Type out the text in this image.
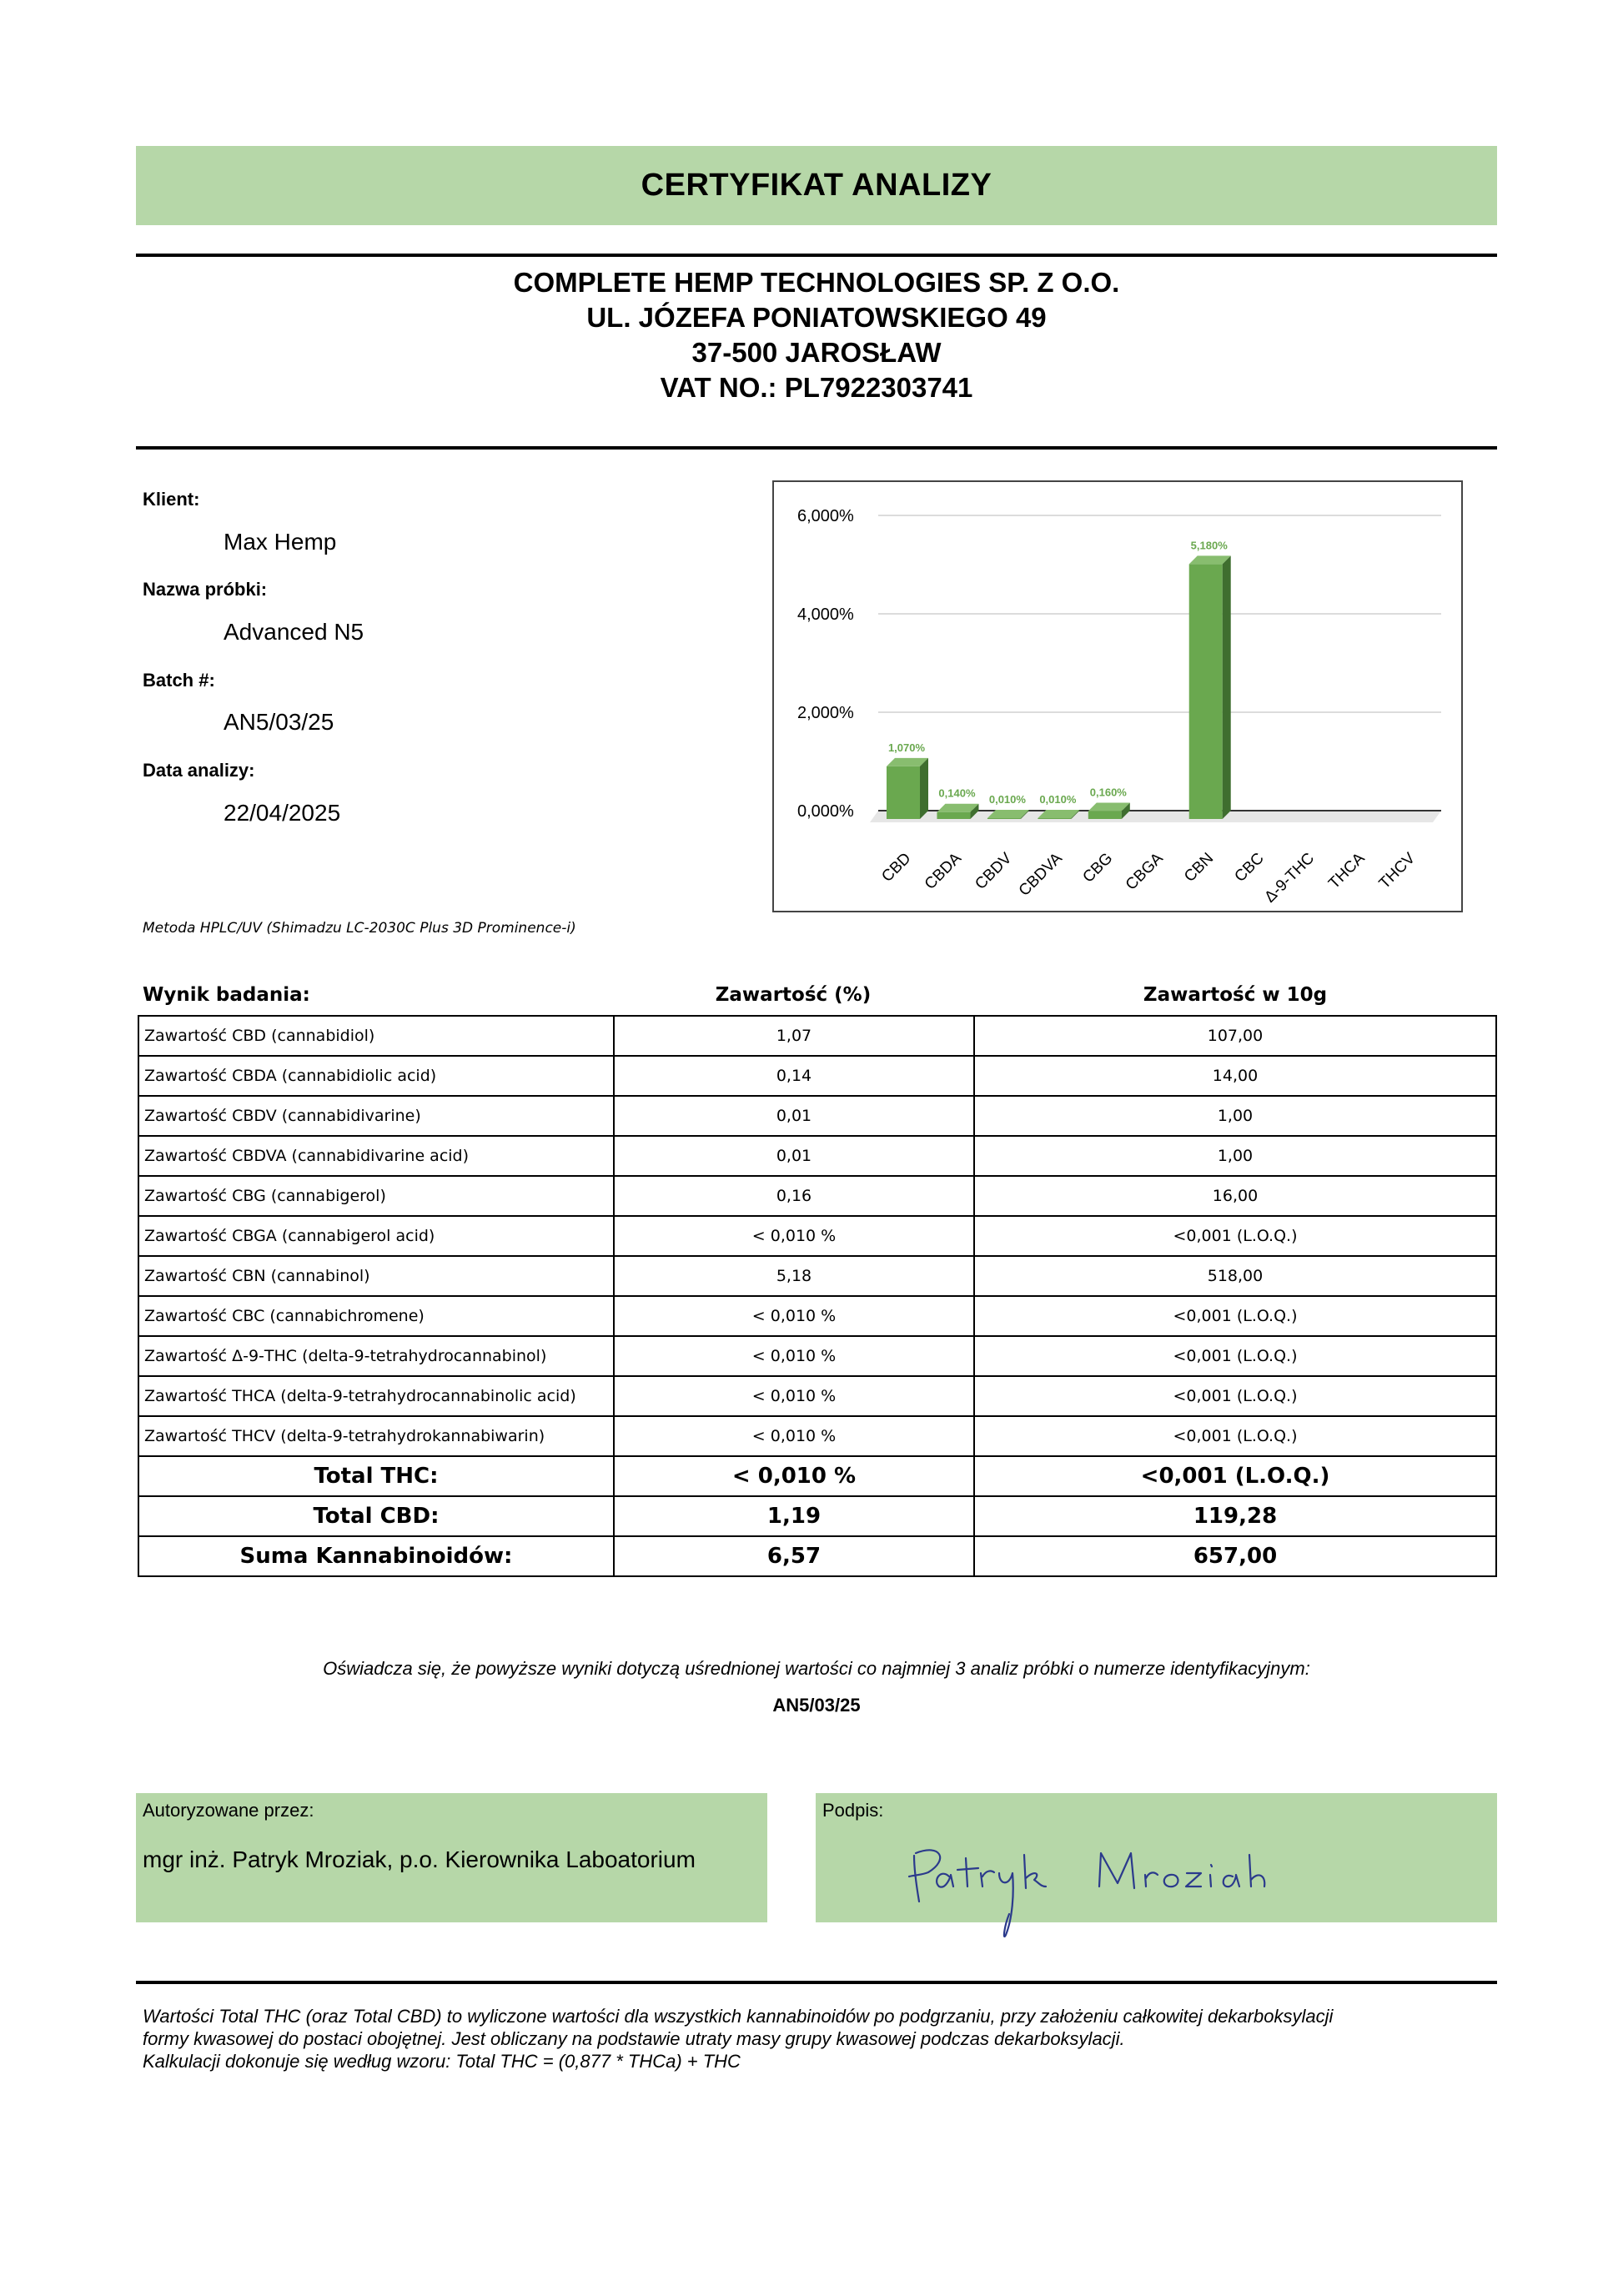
CERTYFIKAT ANALIZY
COMPLETE HEMP TECHNOLOGIES SP. Z O.O.
UL. JÓZEFA PONIATOWSKIEGO 49
37-500 JAROSŁAW
VAT NO.: PL7922303741
Klient:
Max Hemp
Nazwa próbki:
Advanced N5
Batch #:
AN5/03/25
Data analizy:
22/04/2025
Metoda HPLC/UV (Shimadzu LC-2030C Plus 3D Prominence-i)
0,000%
2,000%
4,000%
6,000%
1,070%
CBD
0,140%
CBDA
0,010%
CBDV
0,010%
CBDVA
0,160%
CBG CBGA
5,180%
CBN CBC
Δ-9-THC THCA THCV
Wynik badania:	Zawartość (%)	Zawartość w 10g
Zawartość CBD (cannabidiol)	1,07	107,00
Zawartość CBDA (cannabidiolic acid)	0,14	14,00
Zawartość CBDV (cannabidivarine)	0,01	1,00
Zawartość CBDVA (cannabidivarine acid)	0,01	1,00
Zawartość CBG (cannabigerol)	0,16	16,00
Zawartość CBGA (cannabigerol acid)	< 0,010 %	<0,001 (L.O.Q.)
Zawartość CBN (cannabinol)	5,18	518,00
Zawartość CBC (cannabichromene)	< 0,010 %	<0,001 (L.O.Q.)
Zawartość Δ-9-THC (delta-9-tetrahydrocannabinol)	< 0,010 %	<0,001 (L.O.Q.)
Zawartość THCA (delta-9-tetrahydrocannabinolic acid)	< 0,010 %	<0,001 (L.O.Q.)
Zawartość THCV (delta-9-tetrahydrokannabiwarin)	< 0,010 %	<0,001 (L.O.Q.)
Total THC:	< 0,010 %	<0,001 (L.O.Q.)
Total CBD:	1,19	119,28
Suma Kannabinoidów:	6,57	657,00
Oświadcza się, że powyższe wyniki dotyczą uśrednionej wartości co najmniej 3 analiz próbki o numerze identyfikacyjnym:
AN5/03/25
Autoryzowane przez:
mgr inż. Patryk Mroziak, p.o. Kierownika Laboatorium
Podpis:
Wartości Total THC (oraz Total CBD) to wyliczone wartości dla wszystkich kannabinoidów po podgrzaniu, przy założeniu całkowitej dekarboksylacji
formy kwasowej do postaci obojętnej. Jest obliczany na podstawie utraty masy grupy kwasowej podczas dekarboksylacji.
Kalkulacji dokonuje się według wzoru: Total THC = (0,877 * THCa) + THC
